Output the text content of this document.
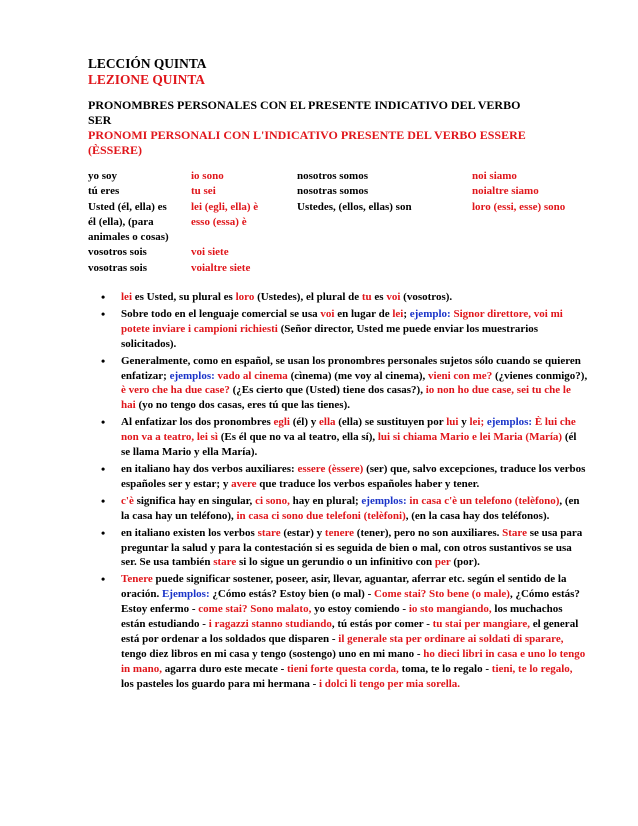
LECCIÓN QUINTA
LEZIONE QUINTA
PRONOMBRES PERSONALES CON EL PRESENTE INDICATIVO DEL VERBO
SER
PRONOMI PERSONALI CON L'INDICATIVO PRESENTE DEL VERBO ESSERE
(ÈSSERE)
yo soy
tú eres
Usted (él, ella) es
él (ella), (para
animales o cosas)
vosotros sois
vosotras sois
io sono
tu sei
lei (egli, ella) è
esso (essa) è

voi siete
voialtre siete
nosotros somos
nosotras somos
Ustedes, (ellos, ellas) son
noi siamo
noialtre siamo
loro (essi, esse) sono
• lei es Usted, su plural es loro (Ustedes), el plural de tu es voi (vosotros).
• Sobre todo en el lenguaje comercial se usa voi en lugar de lei; ejemplo: Signor direttore, voi mi potete inviare i campioni richiesti (Señor director, Usted me puede enviar los muestrarios solicitados).
• Generalmente, como en español, se usan los pronombres personales sujetos sólo cuando se quieren enfatizar; ejemplos: vado al cinema (cìnema) (me voy al cinema), vieni con me? (¿vienes conmigo?), è vero che ha due case? (¿Es cierto que (Usted) tiene dos casas?), io non ho due case, sei tu che le hai (yo no tengo dos casas, eres tú que las tienes).
• Al enfatizar los dos pronombres egli (él) y ella (ella) se sustituyen por lui y lei; ejemplos: È lui che non va a teatro, lei sì (Es él que no va al teatro, ella sí), lui si chiama Mario e lei Maria (María) (él se llama Mario y ella María).
• en italiano hay dos verbos auxiliares: essere (èssere) (ser) que, salvo excepciones, traduce los verbos españoles ser y estar; y avere que traduce los verbos españoles haber y tener.
• c'è significa hay en singular, ci sono, hay en plural; ejemplos: in casa c'è un telefono (telèfono), (en la casa hay un teléfono), in casa ci sono due telefoni (telèfoni), (en la casa hay dos teléfonos).
• en italiano existen los verbos stare (estar) y tenere (tener), pero no son auxiliares. Stare se usa para preguntar la salud y para la contestación si es seguida de bien o mal, con otros sustantivos se usa ser. Se usa también stare si lo sigue un gerundio o un infinitivo con per (por).
• Tenere puede significar sostener, poseer, asir, llevar, aguantar, aferrar etc. según el sentido de la oración. Ejemplos: ¿Cómo estás? Estoy bien (o mal) - Come stai? Sto bene (o male), ¿Cómo estás? Estoy enfermo - come stai? Sono malato, yo estoy comiendo - io sto mangiando, los muchachos están estudiando - i ragazzi stanno studiando, tú estás por comer - tu stai per mangiare, el general está por ordenar a los soldados que disparen - il generale sta per ordinare ai soldati di sparare, tengo diez libros en mi casa y tengo (sostengo) uno en mi mano - ho dieci libri in casa e uno lo tengo in mano, agarra duro este mecate - tieni forte questa corda, toma, te lo regalo - tieni, te lo regalo, los pasteles los guardo para mi hermana - i dolci li tengo per mia sorella.
